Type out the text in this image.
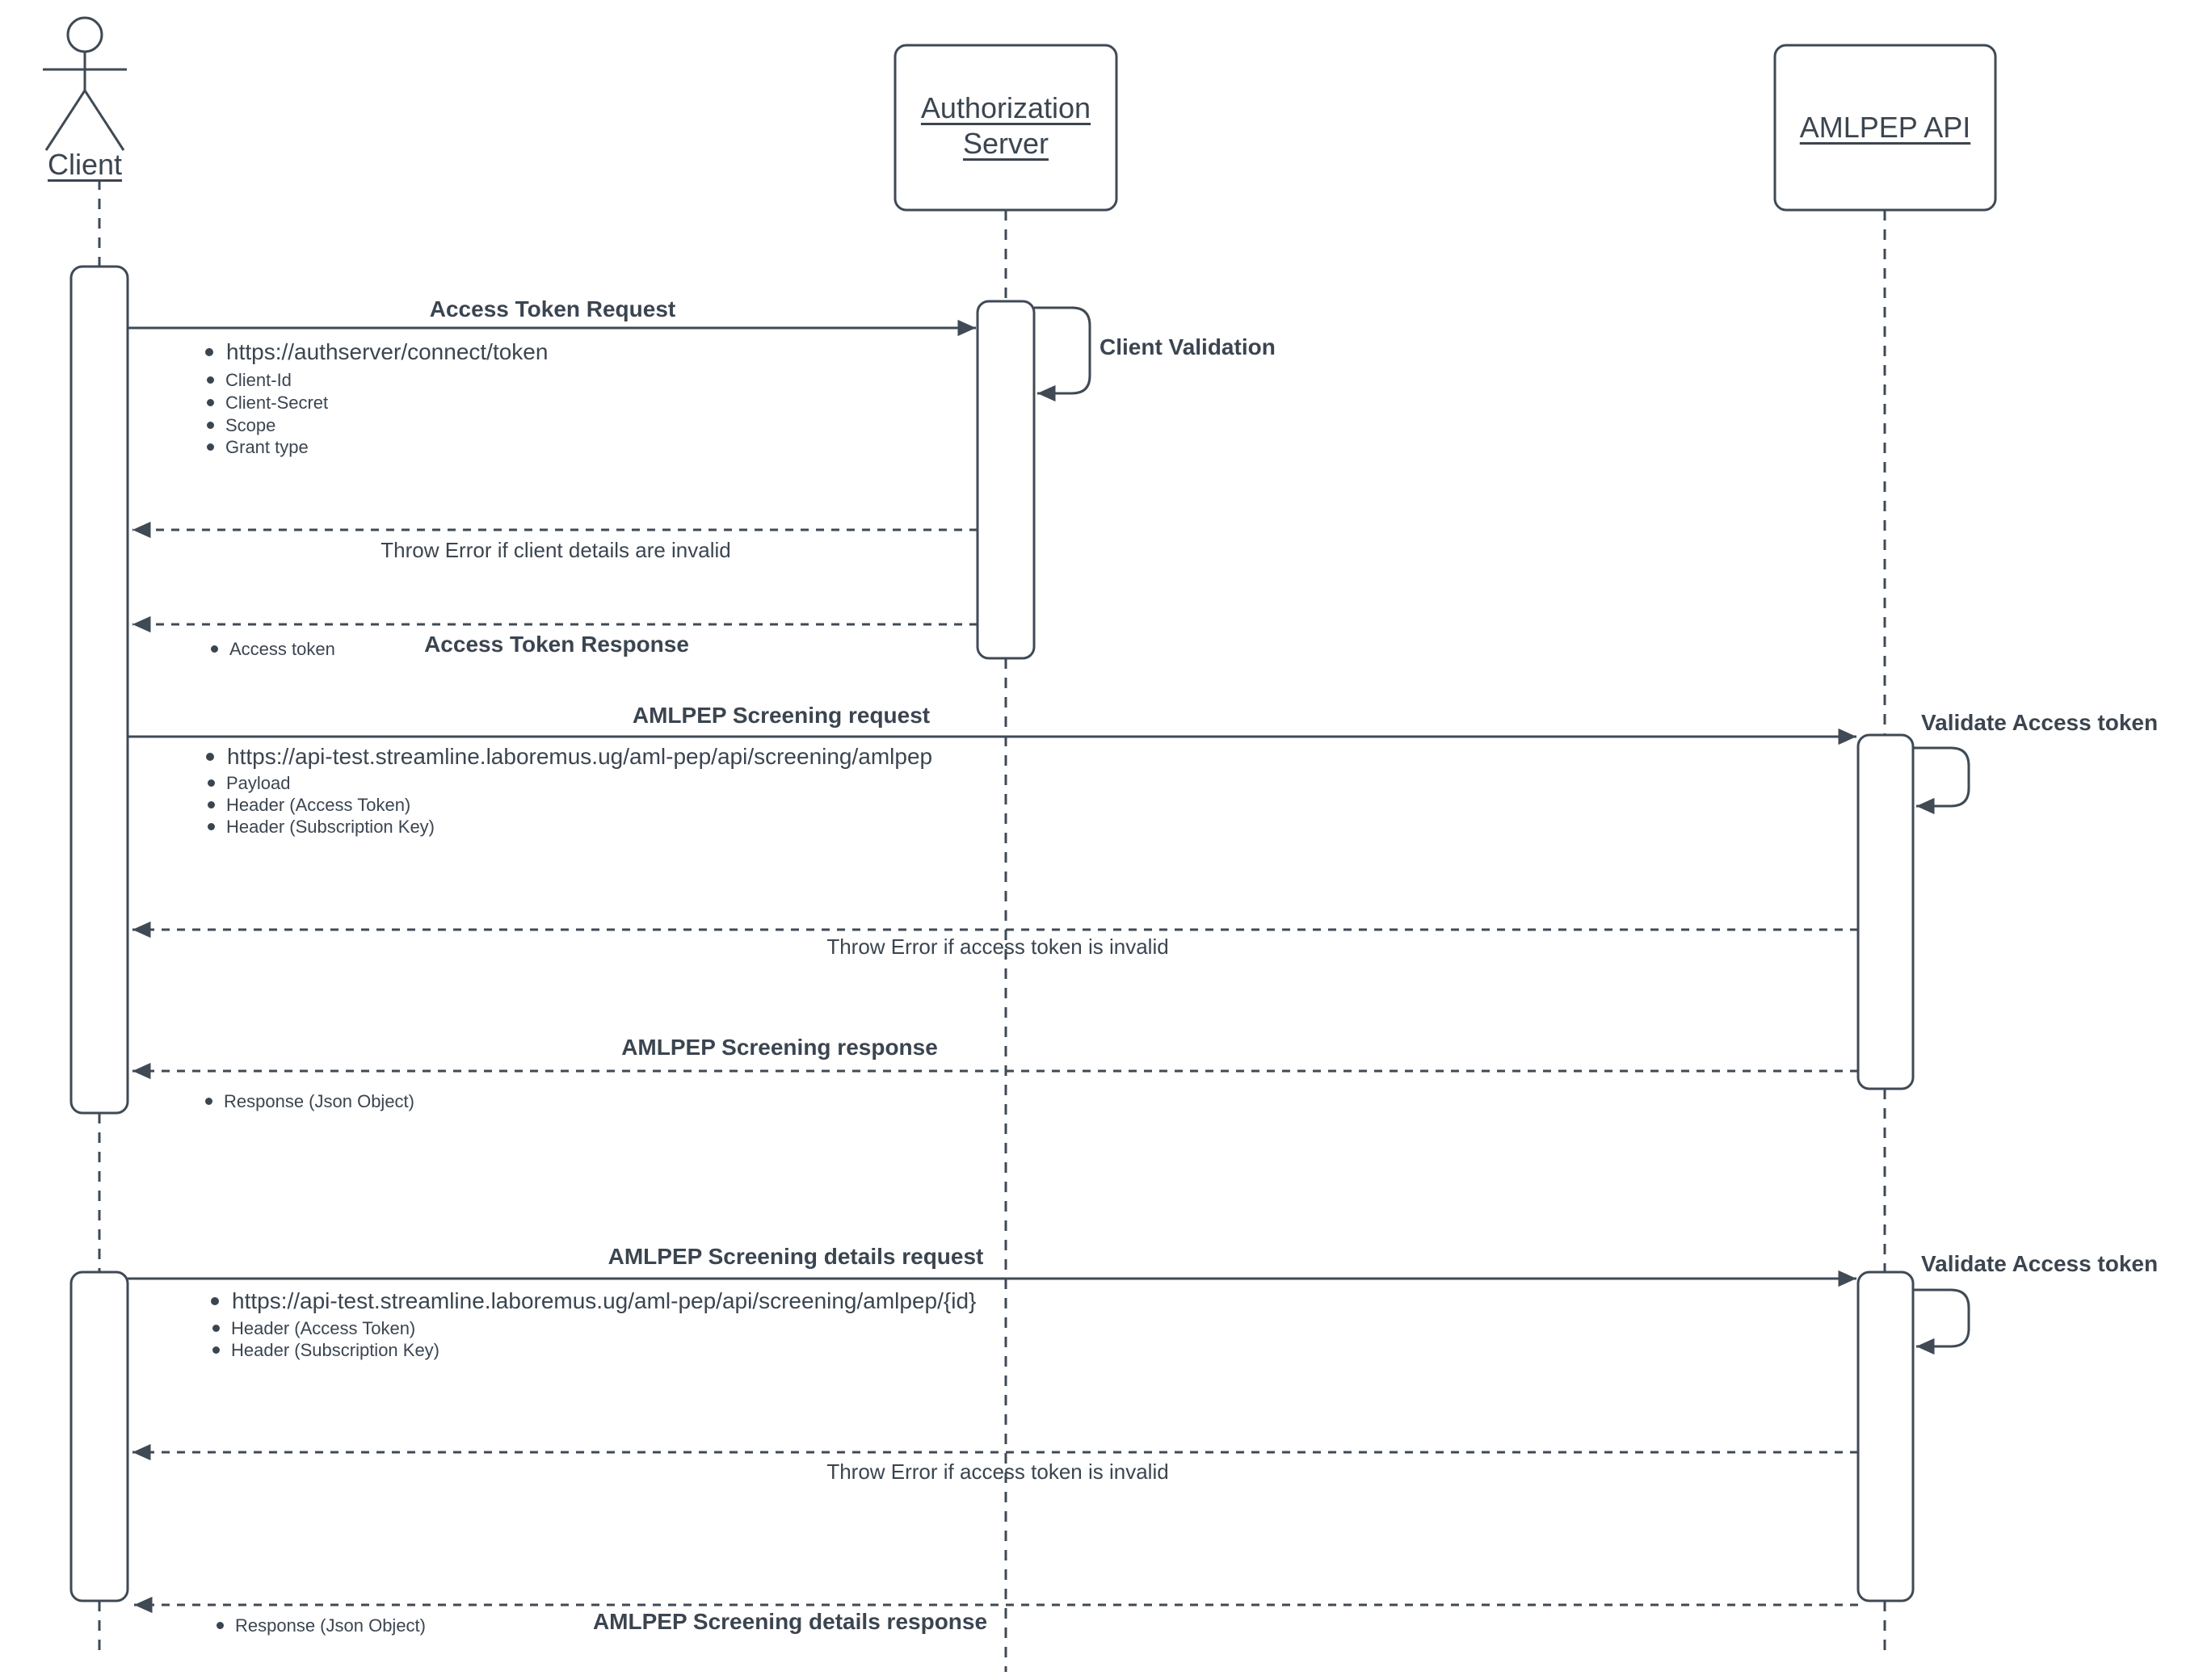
Client
Authorization
Server	AMLPEP API
Access Token Request
https://authserver/connect/token
Client-Id
Client-Secret
Scope
Grant type
Client Validation
Throw Error if client details are invalid
Access Token Response
Access token
AMLPEP Screening request
https://api-test.streamline.laboremus.ug/aml-pep/api/screening/amlpep
Payload
Header (Access Token)
Header (Subscription Key)
Validate Access token
Throw Error if access token is invalid
AMLPEP Screening response
Response (Json Object)
AMLPEP Screening details request
https://api-test.streamline.laboremus.ug/aml-pep/api/screening/amlpep/{id}
Header (Access Token)
Header (Subscription Key)
Validate Access token
Throw Error if access token is invalid
AMLPEP Screening details response
Response (Json Object)
